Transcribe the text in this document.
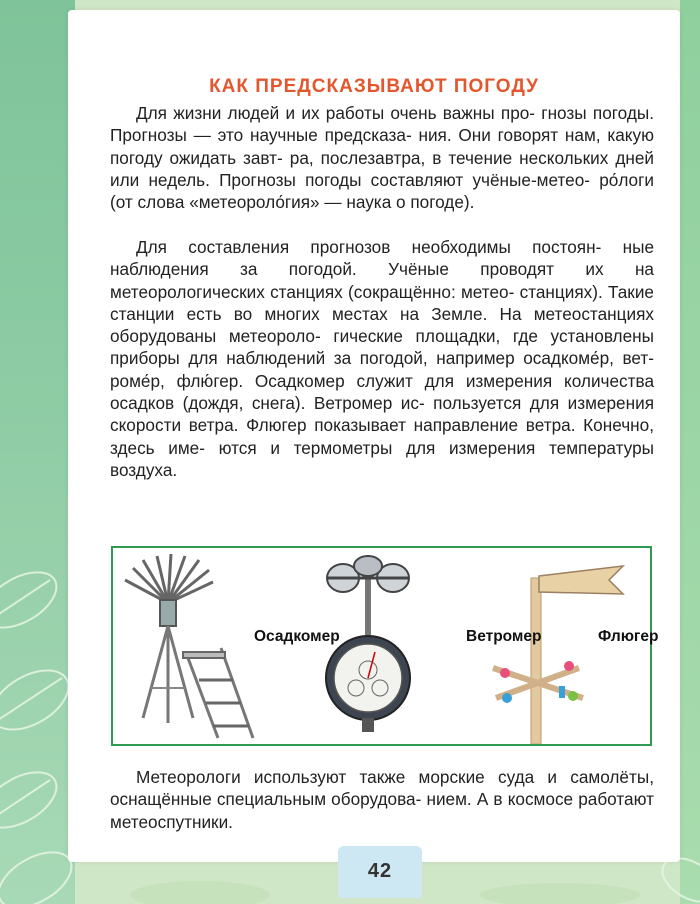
КАК ПРЕДСКАЗЫВАЮТ ПОГОДУ

Для жизни людей и их работы очень важны про- гнозы погоды. Прогнозы — это научные предсказа- ния. Они говорят нам, какую погоду ожидать завт- ра, послезавтра, в течение нескольких дней или недель. Прогнозы погоды составляют учёные-метео- ро́логи (от слова «метеороло́гия» — наука о погоде).

Для составления прогнозов необходимы постоян- ные наблюдения за погодой. Учёные проводят их на метеорологических станциях (сокращённо: метео- станциях). Такие станции есть во многих местах на Земле. На метеостанциях оборудованы метеороло- гические площадки, где установлены приборы для наблюдений за погодой, например осадкоме́р, вет- роме́р, флю́гер. Осадкомер служит для измерения количества осадков (дождя, снега). Ветромер ис- пользуется для измерения скорости ветра. Флюгер показывает направление ветра. Конечно, здесь име- ются и термометры для измерения температуры воздуха.

Осадкомер	Ветромер	Флюгер

Метеорологи используют также морские суда и самолёты, оснащённые специальным оборудова- нием. А в космосе работают метеоспутники.

42
